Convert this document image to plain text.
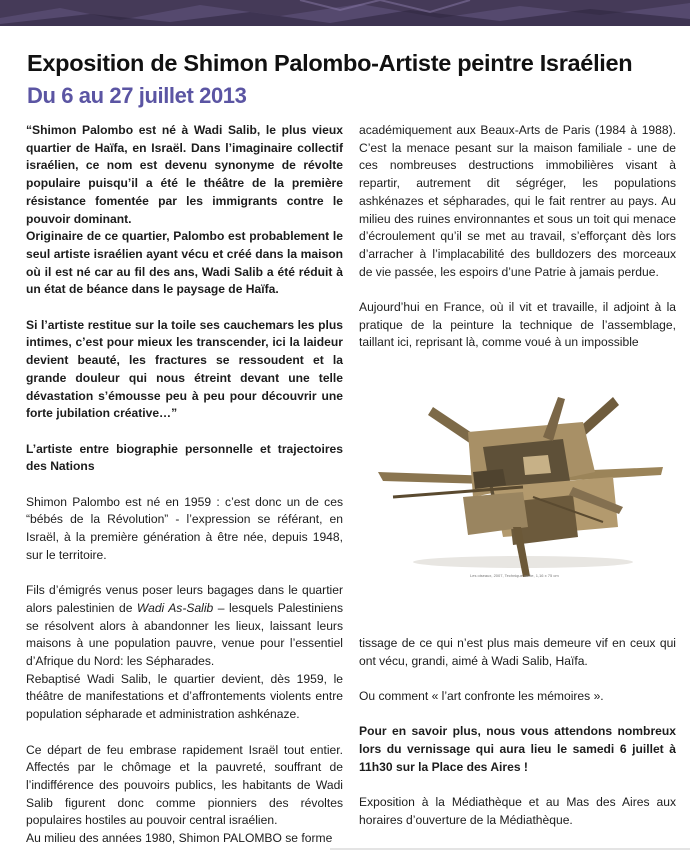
Exposition de Shimon Palombo-Artiste peintre Israélien
Du 6 au 27 juillet 2013

“Shimon Palombo est né à Wadi Salib, le plus vieux quartier de Haïfa, en Israël. Dans l’imaginaire collectif israélien, ce nom est devenu synonyme de révolte populaire puisqu’il a été le théâtre de la première résistance fomentée par les immigrants contre le pouvoir dominant.

Originaire de ce quartier, Palombo est probablement le seul artiste israélien ayant vécu et créé dans la maison où il est né car au fil des ans, Wadi Salib a été réduit à un état de béance dans le paysage de Haïfa.

Si l’artiste restitue sur la toile ses cauchemars les plus intimes, c’est pour mieux les transcender, ici la laideur devient beauté, les fractures se ressoudent et la grande douleur qui nous étreint devant une telle dévastation s’émousse peu à peu pour découvrir une forte jubilation créative…”

L’artiste entre biographie personnelle et trajectoires des Nations

Shimon Palombo est né en 1959 : c’est donc un de ces “bébés de la Révolution” - l’expression se référant, en Israël, à la première génération à être née, depuis 1948, sur le territoire.

Fils d’émigrés venus poser leurs bagages dans le quartier alors palestinien de Wadi As-Salib – lesquels Palestiniens se résolvent alors à abandonner les lieux, laissant leurs maisons à une population pauvre, venue pour l’essentiel d’Afrique du Nord: les Sépharades.

Rebaptisé Wadi Salib, le quartier devient, dès 1959, le théâtre de manifestations et d’affrontements violents entre population sépharade et administration ashkénaze.

Ce départ de feu embrase rapidement Israël tout entier. Affectés par le chômage et la pauvreté, souffrant de l’indifférence des pouvoirs publics, les habitants de Wadi Salib figurent donc comme pionniers des révoltes populaires hostiles au pouvoir central israélien.

Au milieu des années 1980, Shimon PALOMBO se forme

académiquement aux Beaux-Arts de Paris (1984 à 1988). C’est la menace pesant sur la maison familiale - une de ces nombreuses destructions immobilières visant à repartir, autrement dit ségréger, les populations ashkénazes et sépharades, qui le fait rentrer au pays. Au milieu des ruines environnantes et sous un toit qui menace d’écroulement qu’il se met au travail, s’efforçant dès lors d’arracher à l’implacabilité des bulldozers des morceaux de vie passée, les espoirs d’une Patrie à jamais perdue.

Aujourd’hui en France, où il vit et travaille, il adjoint à la pratique de la peinture la technique de l’assemblage, taillant ici, reprisant là, comme voué à un impossible

Les oiseaux, 2007, Technique mixte, 1,16 x 75 cm

tissage de ce qui n’est plus mais demeure vif en ceux qui ont vécu, grandi, aimé à Wadi Salib, Haïfa.

Ou comment « l’art confronte les mémoires ».

Pour en savoir plus, nous vous attendons nombreux lors du vernissage qui aura lieu le samedi 6 juillet à 11h30 sur la Place des Aires !

Exposition à la Médiathèque et au Mas des Aires aux horaires d’ouverture de la Médiathèque.
